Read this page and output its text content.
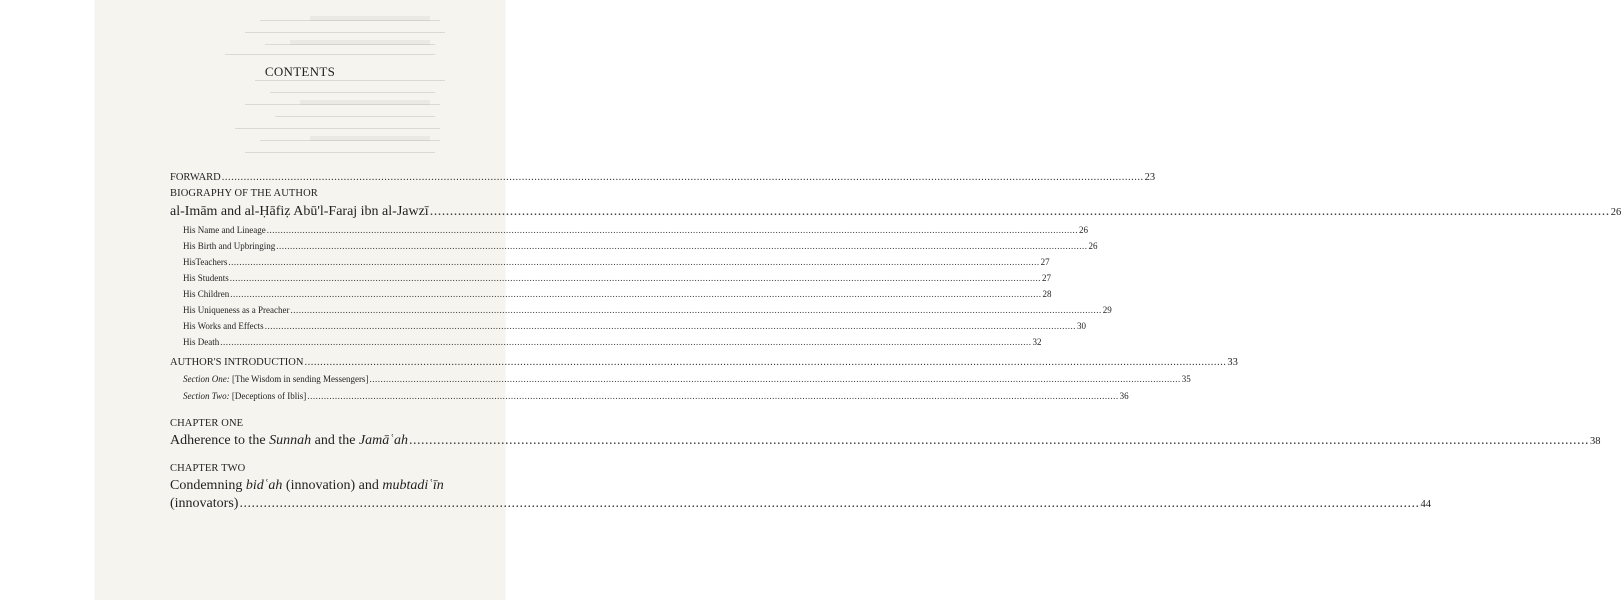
CONTENTS
FORWARD ....................................................................................................................................................................................................................................................................................................... 23
BIOGRAPHY OF THE AUTHOR
al-Imām and al-Ḥāfiẓ Abū'l-Faraj ibn al-Jawzī ....................................................................................................................................................................................................................................................................................................... 26
His Name and Lineage ....................................................................................................................................................................................................................................................................................................... 26
His Birth and Upbringing ....................................................................................................................................................................................................................................................................................................... 26
HisTeachers ....................................................................................................................................................................................................................................................................................................... 27
His Students ....................................................................................................................................................................................................................................................................................................... 27
His Children ....................................................................................................................................................................................................................................................................................................... 28
His Uniqueness as a Preacher ....................................................................................................................................................................................................................................................................................................... 29
His Works and Effects ....................................................................................................................................................................................................................................................................................................... 30
His Death ....................................................................................................................................................................................................................................................................................................... 32
AUTHOR'S INTRODUCTION ....................................................................................................................................................................................................................................................................................................... 33
Section One: [The Wisdom in sending Messengers] ....................................................................................................................................................................................................................................................................................................... 35
Section Two: [Deceptions of Iblis] ....................................................................................................................................................................................................................................................................................................... 36
CHAPTER ONE
Adherence to the Sunnah and the Jamāʿah ....................................................................................................................................................................................................................................................................................................... 38
CHAPTER TWO
Condemning bidʿah (innovation) and mubtadiʿīn
(innovators) ....................................................................................................................................................................................................................................................................................................... 44
